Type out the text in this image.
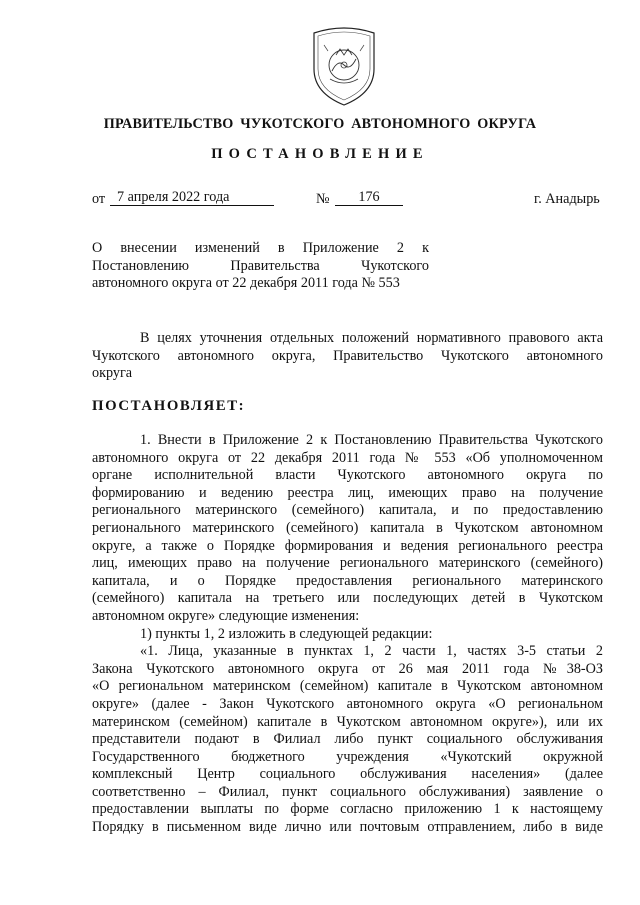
ПРАВИТЕЛЬСТВО ЧУКОТСКОГО АВТОНОМНОГО ОКРУГА
ПОСТАНОВЛЕНИЕ
от 7 апреля 2022 года	№	176	г. Анадырь
О внесении изменений в Приложение 2 к
Постановлению Правительства Чукотского
автономного округа от 22 декабря 2011 года № 553
В целях уточнения отдельных положений нормативного правового акта
Чукотского автономного округа, Правительство Чукотского автономного
округа
ПОСТАНОВЛЯЕТ:
1. Внести в Приложение 2 к Постановлению Правительства Чукотского
автономного округа от 22 декабря 2011 года № 553 «Об уполномоченном
органе исполнительной власти Чукотского автономного округа по
формированию и ведению реестра лиц, имеющих право на получение
регионального материнского (семейного) капитала, и по предоставлению
регионального материнского (семейного) капитала в Чукотском автономном
округе, а также о Порядке формирования и ведения регионального реестра
лиц, имеющих право на получение регионального материнского (семейного)
капитала, и о Порядке предоставления регионального материнского
(семейного) капитала на третьего или последующих детей в Чукотском
автономном округе» следующие изменения:
1) пункты 1, 2 изложить в следующей редакции:
«1. Лица, указанные в пунктах 1, 2 части 1, частях 3-5 статьи 2
Закона Чукотского автономного округа от 26 мая 2011 года №38-ОЗ
«О региональном материнском (семейном) капитале в Чукотском автономном
округе» (далее - Закон Чукотского автономного округа «О региональном
материнском (семейном) капитале в Чукотском автономном округе»), или их
представители подают в Филиал либо пункт социального обслуживания
Государственного бюджетного учреждения «Чукотский окружной
комплексный Центр социального обслуживания населения» (далее
соответственно – Филиал, пункт социального обслуживания) заявление о
предоставлении выплаты по форме согласно приложению 1 к настоящему
Порядку в письменном виде лично или почтовым отправлением, либо в виде
